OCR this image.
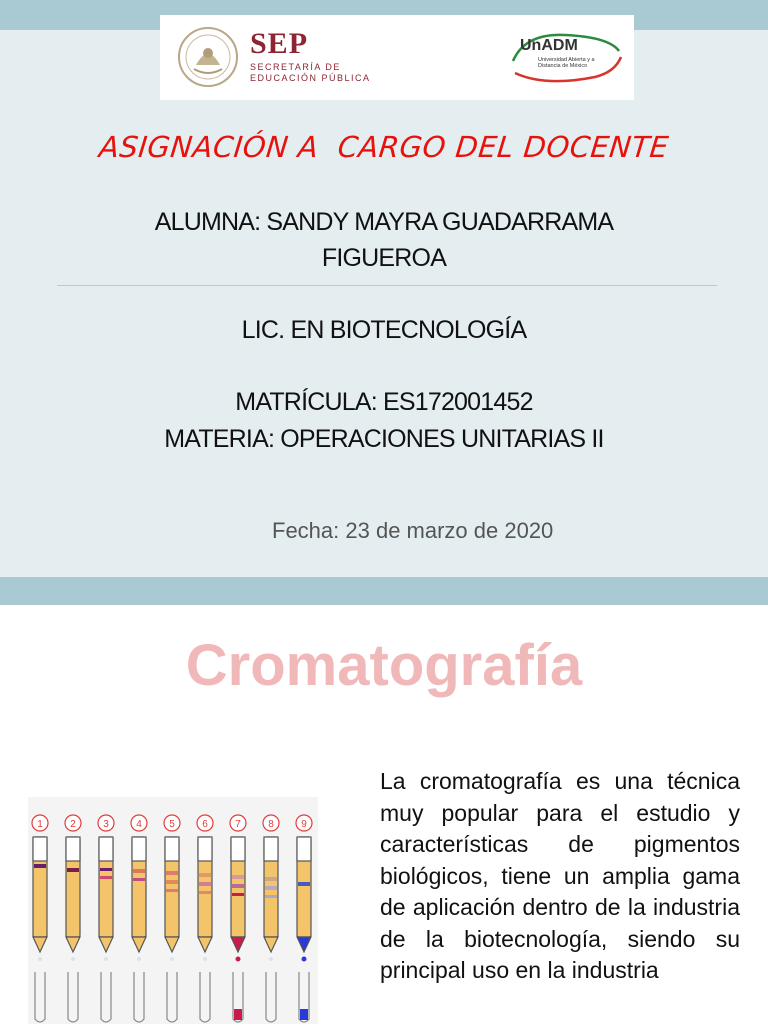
SEP
SECRETARÍA DE EDUCACIÓN PÚBLICA
UnADM
Universidad Abierta y a Distancia de México
ASIGNACIÓN A  CARGO DEL DOCENTE
ALUMNA: SANDY MAYRA GUADARRAMA
FIGUEROA
LIC. EN BIOTECNOLOGÍA
MATRÍCULA: ES172001452
MATERIA: OPERACIONES UNITARIAS II
Fecha: 23 de marzo de 2020
Cromatografía
1	2	3	4	5	6	7	8	9
La cromatografía es una técnica muy popular para el estudio y características de pigmentos biológicos, tiene un amplia gama de aplicación dentro de la industria de la biotecnología, siendo su principal uso en la industria
